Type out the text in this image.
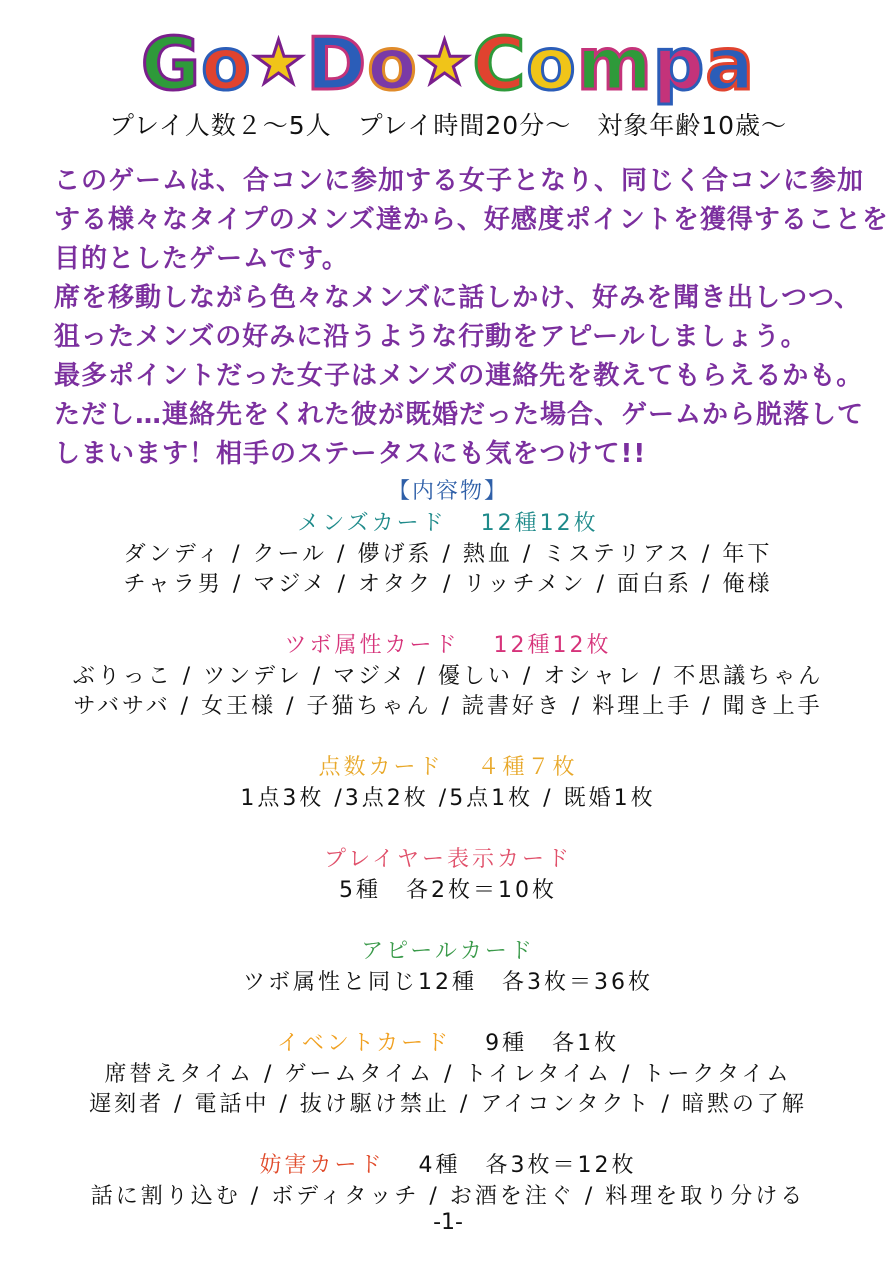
Go★Do★Compa
プレイ人数２～5人　プレイ時間20分～　対象年齢10歳～
このゲームは、合コンに参加する女子となり、同じく合コンに参加
する様々なタイプのメンズ達から、好感度ポイントを獲得することを
目的としたゲームです。
席を移動しながら色々なメンズに話しかけ、好みを聞き出しつつ、
狙ったメンズの好みに沿うような行動をアピールしましょう。
最多ポイントだった女子はメンズの連絡先を教えてもらえるかも。
ただし…連絡先をくれた彼が既婚だった場合、ゲームから脱落して
しまいます！相手のステータスにも気をつけて!!
【内容物】
メンズカード 12種12枚
ダンディ / クール / 儚げ系 / 熱血 / ミステリアス / 年下
チャラ男 / マジメ / オタク / リッチメン / 面白系 / 俺様
ツボ属性カード 12種12枚
ぶりっこ / ツンデレ / マジメ / 優しい / オシャレ / 不思議ちゃん
サバサバ / 女王様 / 子猫ちゃん / 読書好き / 料理上手 / 聞き上手
点数カード ４種７枚
1点3枚 /3点2枚 /5点1枚 / 既婚1枚
プレイヤー表示カード
5種　各2枚＝10枚
アピールカード
ツボ属性と同じ12種　各3枚＝36枚
イベントカード 9種　各1枚
席替えタイム / ゲームタイム / トイレタイム / トークタイム
遅刻者 / 電話中 / 抜け駆け禁止 / アイコンタクト / 暗黙の了解
妨害カード 4種　各3枚＝12枚
話に割り込む / ボディタッチ / お酒を注ぐ / 料理を取り分ける
-1-
